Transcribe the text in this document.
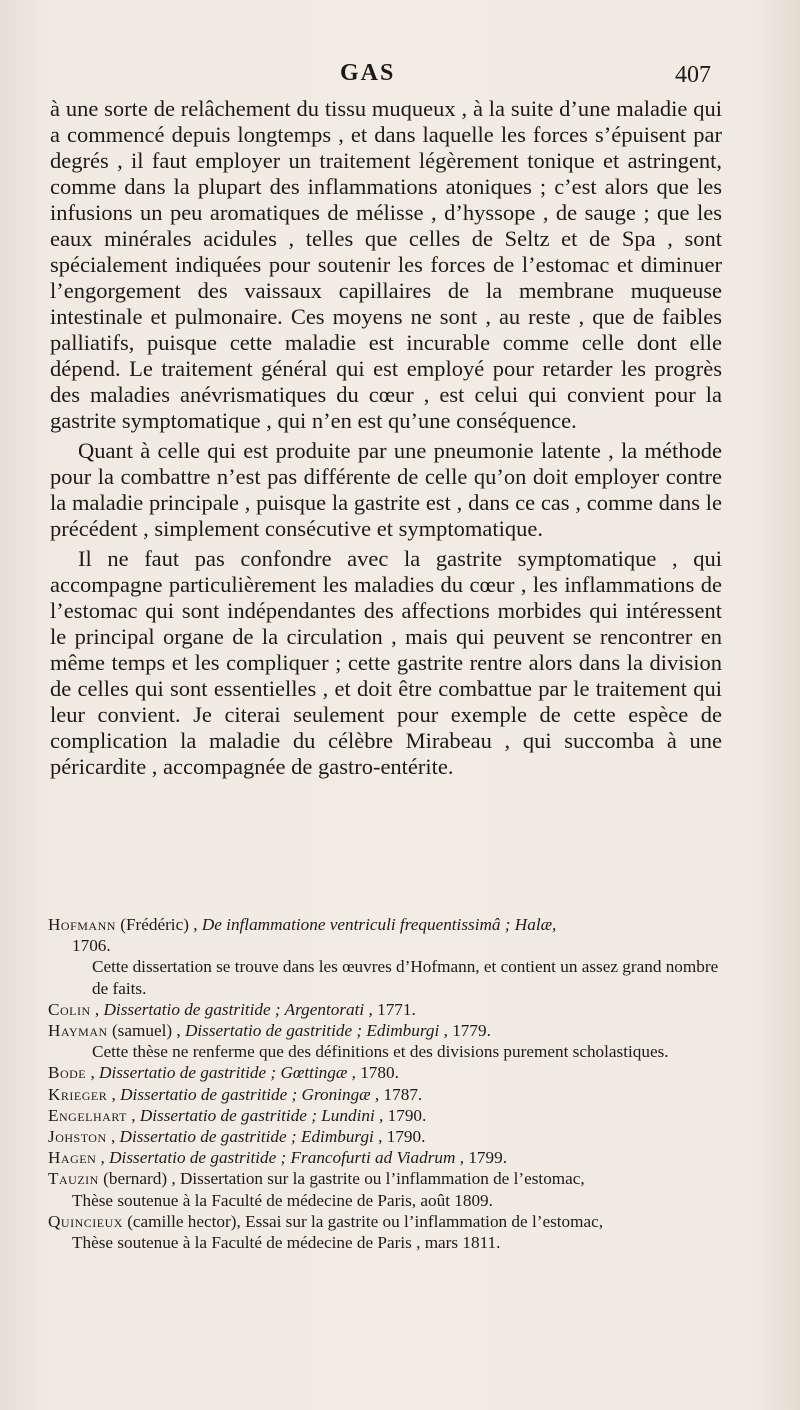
GAS	407

à une sorte de relâchement du tissu muqueux , à la suite d’une maladie qui a commencé depuis longtemps , et dans laquelle les forces s’épuisent par degrés , il faut employer un traitement légèrement tonique et astringent, comme dans la plupart des inflammations atoniques ; c’est alors que les infusions un peu aromatiques de mélisse , d’hyssope , de sauge ; que les eaux minérales acidules , telles que celles de Seltz et de Spa , sont spécialement indiquées pour soutenir les forces de l’estomac et diminuer l’engorgement des vaissaux capillaires de la membrane muqueuse intestinale et pulmonaire. Ces moyens ne sont , au reste , que de faibles palliatifs, puisque cette maladie est incurable comme celle dont elle dépend. Le traitement général qui est employé pour retarder les progrès des maladies anévrismatiques du cœur , est celui qui convient pour la gastrite symptomatique , qui n’en est qu’une conséquence.

Quant à celle qui est produite par une pneumonie latente , la méthode pour la combattre n’est pas différente de celle qu’on doit employer contre la maladie principale , puisque la gastrite est , dans ce cas , comme dans le précédent , simplement consécutive et symptomatique.

Il ne faut pas confondre avec la gastrite symptomatique , qui accompagne particulièrement les maladies du cœur , les inflammations de l’estomac qui sont indépendantes des affections morbides qui intéressent le principal organe de la circulation , mais qui peuvent se rencontrer en même temps et les compliquer ; cette gastrite rentre alors dans la division de celles qui sont essentielles , et doit être combattue par le traitement qui leur convient. Je citerai seulement pour exemple de cette espèce de complication la maladie du célèbre Mirabeau , qui succomba à une péricardite , accompagnée de gastro-entérite.

Hofmann (Frédéric) , De inflammatione ventriculi frequentissimâ ; Halæ,
1706.
Cette dissertation se trouve dans les œuvres d’Hofmann, et contient un assez grand nombre de faits.

Colin , Dissertatio de gastritide ; Argentorati , 1771.

Hayman (samuel) , Dissertatio de gastritide ; Edimburgi , 1779.
Cette thèse ne renferme que des définitions et des divisions purement scholastiques.

Bode , Dissertatio de gastritide ; Gœttingæ , 1780.

Krieger , Dissertatio de gastritide ; Groningæ , 1787.

Engelhart , Dissertatio de gastritide ; Lundini , 1790.

Johston , Dissertatio de gastritide ; Edimburgi , 1790.

Hagen , Dissertatio de gastritide ; Francofurti ad Viadrum , 1799.

Tauzin (bernard) , Dissertation sur la gastrite ou l’inflammation de l’estomac,
Thèse soutenue à la Faculté de médecine de Paris, août 1809.

Quincieux (camille hector), Essai sur la gastrite ou l’inflammation de l’estomac,
Thèse soutenue à la Faculté de médecine de Paris , mars 1811.
